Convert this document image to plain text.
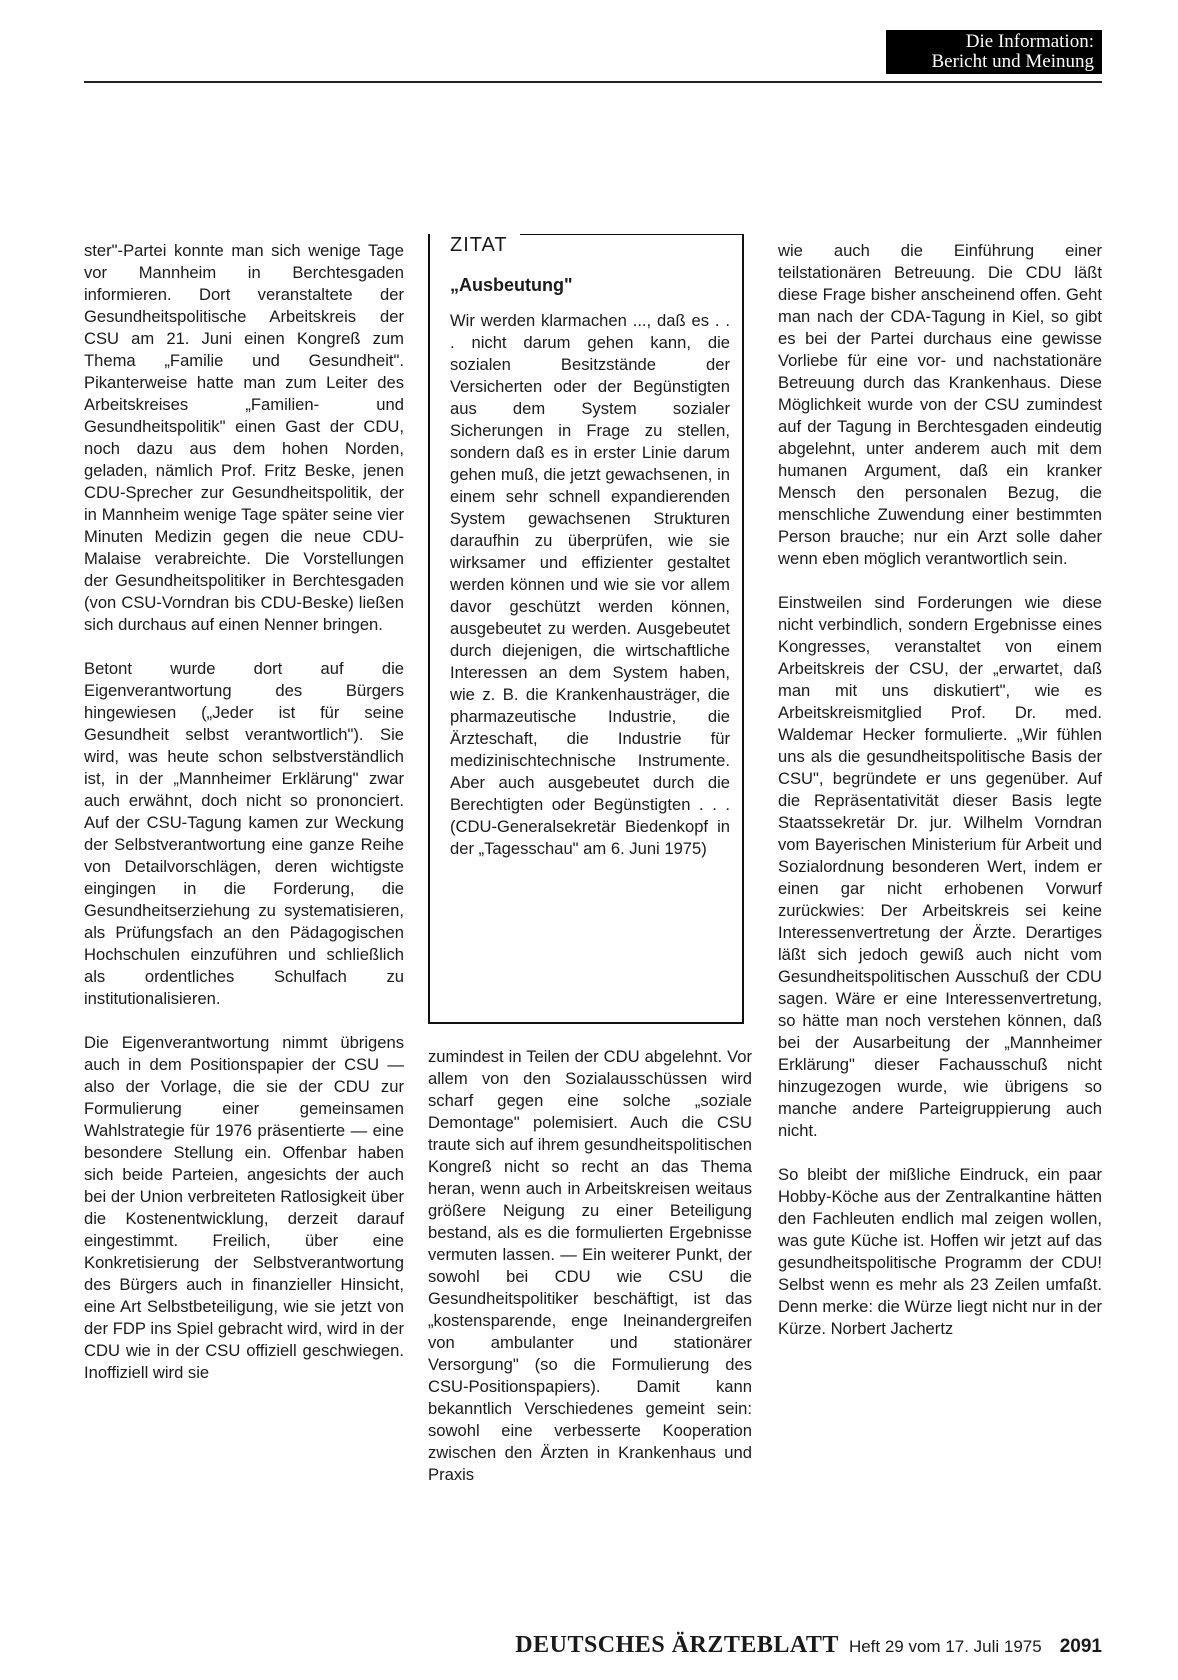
Die Information:
Bericht und Meinung

ster"-Partei konnte man sich wenige Tage vor Mannheim in Berchtesgaden informieren. Dort veranstaltete der Gesundheitspolitische Arbeitskreis der CSU am 21. Juni einen Kongreß zum Thema „Familie und Gesundheit". Pikanterweise hatte man zum Leiter des Arbeitskreises „Familien- und Gesundheitspolitik" einen Gast der CDU, noch dazu aus dem hohen Norden, geladen, nämlich Prof. Fritz Beske, jenen CDU-Sprecher zur Gesundheitspolitik, der in Mannheim wenige Tage später seine vier Minuten Medizin gegen die neue CDU-Malaise verabreichte. Die Vorstellungen der Gesundheitspolitiker in Berchtesgaden (von CSU-Vorndran bis CDU-Beske) ließen sich durchaus auf einen Nenner bringen.

Betont wurde dort auf die Eigenverantwortung des Bürgers hingewiesen („Jeder ist für seine Gesundheit selbst verantwortlich"). Sie wird, was heute schon selbstverständlich ist, in der „Mannheimer Erklärung" zwar auch erwähnt, doch nicht so prononciert. Auf der CSU-Tagung kamen zur Weckung der Selbstverantwortung eine ganze Reihe von Detailvorschlägen, deren wichtigste eingingen in die Forderung, die Gesundheitserziehung zu systematisieren, als Prüfungsfach an den Pädagogischen Hochschulen einzuführen und schließlich als ordentliches Schulfach zu institutionalisieren.

Die Eigenverantwortung nimmt übrigens auch in dem Positionspapier der CSU — also der Vorlage, die sie der CDU zur Formulierung einer gemeinsamen Wahlstrategie für 1976 präsentierte — eine besondere Stellung ein. Offenbar haben sich beide Parteien, angesichts der auch bei der Union verbreiteten Ratlosigkeit über die Kostenentwicklung, derzeit darauf eingestimmt. Freilich, über eine Konkretisierung der Selbstverantwortung des Bürgers auch in finanzieller Hinsicht, eine Art Selbstbeteiligung, wie sie jetzt von der FDP ins Spiel gebracht wird, wird in der CDU wie in der CSU offiziell geschwiegen. Inoffiziell wird sie

ZITAT
„Ausbeutung"
Wir werden klarmachen ..., daß es . . . nicht darum gehen kann, die sozialen Besitzstände der Versicherten oder der Begünstigten aus dem System sozialer Sicherungen in Frage zu stellen, sondern daß es in erster Linie darum gehen muß, die jetzt gewachsenen, in einem sehr schnell expandierenden System gewachsenen Strukturen daraufhin zu überprüfen, wie sie wirksamer und effizienter gestaltet werden können und wie sie vor allem davor geschützt werden können, ausgebeutet zu werden. Ausgebeutet durch diejenigen, die wirtschaftliche Interessen an dem System haben, wie z. B. die Krankenhausträger, die pharmazeutische Industrie, die Ärzteschaft, die Industrie für medizinischtechnische Instrumente. Aber auch ausgebeutet durch die Berechtigten oder Begünstigten . . . (CDU-Generalsekretär Biedenkopf in der „Tagesschau" am 6. Juni 1975)

zumindest in Teilen der CDU abgelehnt. Vor allem von den Sozialausschüssen wird scharf gegen eine solche „soziale Demontage" polemisiert. Auch die CSU traute sich auf ihrem gesundheitspolitischen Kongreß nicht so recht an das Thema heran, wenn auch in Arbeitskreisen weitaus größere Neigung zu einer Beteiligung bestand, als es die formulierten Ergebnisse vermuten lassen. — Ein weiterer Punkt, der sowohl bei CDU wie CSU die Gesundheitspolitiker beschäftigt, ist das „kostensparende, enge Ineinandergreifen von ambulanter und stationärer Versorgung" (so die Formulierung des CSU-Positionspapiers). Damit kann bekanntlich Verschiedenes gemeint sein: sowohl eine verbesserte Kooperation zwischen den Ärzten in Krankenhaus und Praxis

wie auch die Einführung einer teilstationären Betreuung. Die CDU läßt diese Frage bisher anscheinend offen. Geht man nach der CDA-Tagung in Kiel, so gibt es bei der Partei durchaus eine gewisse Vorliebe für eine vor- und nachstationäre Betreuung durch das Krankenhaus. Diese Möglichkeit wurde von der CSU zumindest auf der Tagung in Berchtesgaden eindeutig abgelehnt, unter anderem auch mit dem humanen Argument, daß ein kranker Mensch den personalen Bezug, die menschliche Zuwendung einer bestimmten Person brauche; nur ein Arzt solle daher wenn eben möglich verantwortlich sein.

Einstweilen sind Forderungen wie diese nicht verbindlich, sondern Ergebnisse eines Kongresses, veranstaltet von einem Arbeitskreis der CSU, der „erwartet, daß man mit uns diskutiert", wie es Arbeitskreismitglied Prof. Dr. med. Waldemar Hecker formulierte. „Wir fühlen uns als die gesundheitspolitische Basis der CSU", begründete er uns gegenüber. Auf die Repräsentativität dieser Basis legte Staatssekretär Dr. jur. Wilhelm Vorndran vom Bayerischen Ministerium für Arbeit und Sozialordnung besonderen Wert, indem er einen gar nicht erhobenen Vorwurf zurückwies: Der Arbeitskreis sei keine Interessenvertretung der Ärzte. Derartiges läßt sich jedoch gewiß auch nicht vom Gesundheitspolitischen Ausschuß der CDU sagen. Wäre er eine Interessenvertretung, so hätte man noch verstehen können, daß bei der Ausarbeitung der „Mannheimer Erklärung" dieser Fachausschuß nicht hinzugezogen wurde, wie übrigens so manche andere Parteigruppierung auch nicht.

So bleibt der mißliche Eindruck, ein paar Hobby-Köche aus der Zentralkantine hätten den Fachleuten endlich mal zeigen wollen, was gute Küche ist. Hoffen wir jetzt auf das gesundheitspolitische Programm der CDU! Selbst wenn es mehr als 23 Zeilen umfaßt. Denn merke: die Würze liegt nicht nur in der Kürze. Norbert Jachertz

DEUTSCHES ÄRZTEBLATT Heft 29 vom 17. Juli 1975 2091
